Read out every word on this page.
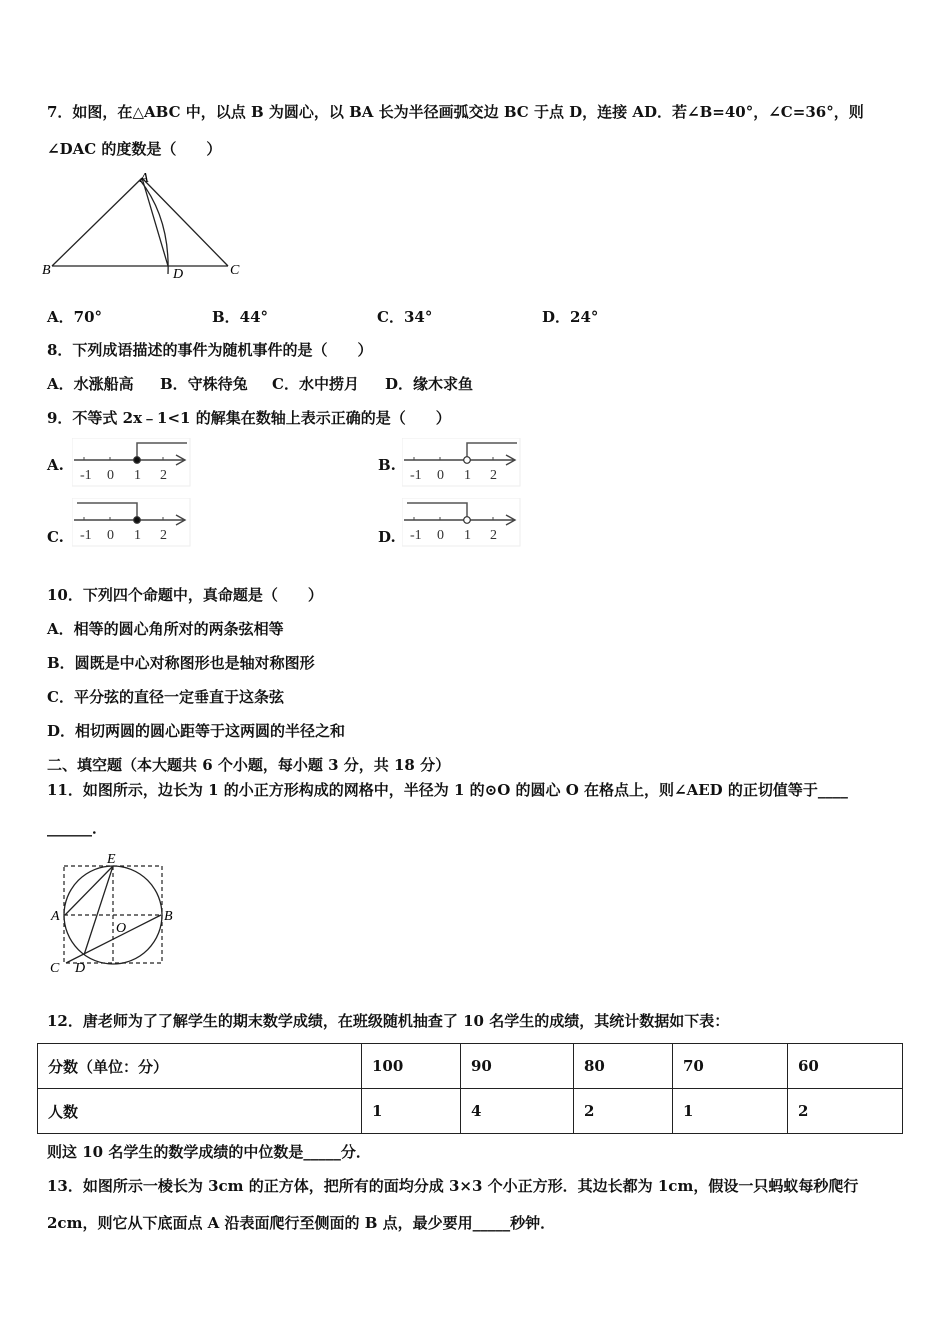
7．如图，在△ABC 中，以点 B 为圆心，以 BA 长为半径画弧交边 BC 于点 D，连接 AD．若∠B=40°，∠C=36°，则
∠DAC 的度数是（　　）
A
B	C
D
A．70°	B．44°	C．34°	D．24°
8．下列成语描述的事件为随机事件的是（　　）
A．水涨船高 B．守株待兔 C．水中捞月 D．缘木求鱼
9．不等式 2x﹣1<1 的解集在数轴上表示正确的是（　　）
A.	B.
C.	D.
-1 0 1 2	-1 0 1 2
-1 0 1 2	-1 0 1 2
10．下列四个命题中，真命题是（　　）
A．相等的圆心角所对的两条弦相等
B．圆既是中心对称图形也是轴对称图形
C．平分弦的直径一定垂直于这条弦
D．相切两圆的圆心距等于这两圆的半径之和
二、填空题（本大题共 6 个小题，每小题 3 分，共 18 分）
11．如图所示，边长为 1 的小正方形构成的网格中，半径为 1 的⊙O 的圆心 O 在格点上，则∠AED 的正切值等于____
______．
E
A	B
O
C D
12．唐老师为了了解学生的期末数学成绩，在班级随机抽查了 10 名学生的成绩，其统计数据如下表：
分数（单位：分）	100	90	80	70	60
人数	1	4	2	1	2
则这 10 名学生的数学成绩的中位数是_____分．
13．如图所示一棱长为 3cm 的正方体，把所有的面均分成 3×3 个小正方形．其边长都为 1cm，假设一只蚂蚁每秒爬行
2cm，则它从下底面点 A 沿表面爬行至侧面的 B 点，最少要用_____秒钟．
